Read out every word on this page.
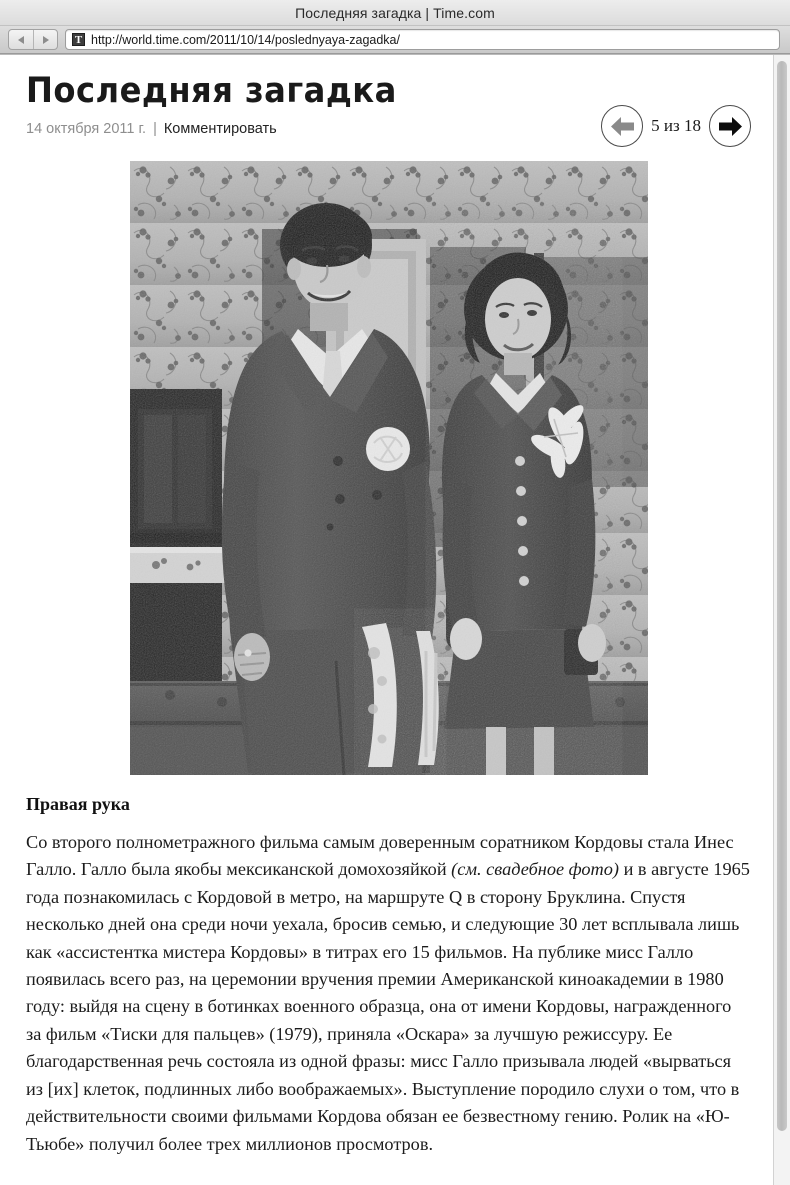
Последняя загадка | Time.com
T http://world.time.com/2011/10/14/poslednyaya-zagadka/
Последняя загадка
14 октября 2011 г. | Комментировать	5 из 18
Правая рука

Со второго полнометражного фильма самым доверенным соратником Кордовы стала Инес Галло. Галло была якобы мексиканской домохозяйкой (см. свадебное фото) и в августе 1965 года познакомилась с Кордовой в метро, на маршруте Q в сторону Бруклина. Спустя несколько дней она среди ночи уехала, бросив семью, и следующие 30 лет всплывала лишь как «ассистентка мистера Кордовы» в титрах его 15 фильмов. На публике мисс Галло появилась всего раз, на церемонии вручения премии Американской киноакадемии в 1980 году: выйдя на сцену в ботинках военного образца, она от имени Кордовы, награжденного за фильм «Тиски для пальцев» (1979), приняла «Оскара» за лучшую режиссуру. Ее благодарственная речь состояла из одной фразы: мисс Галло призывала людей «вырваться из [их] клеток, подлинных либо воображаемых». Выступление породило слухи о том, что в действительности своими фильмами Кордова обязан ее безвестному гению. Ролик на «Ю-Тьюбе» получил более трех миллионов просмотров.
